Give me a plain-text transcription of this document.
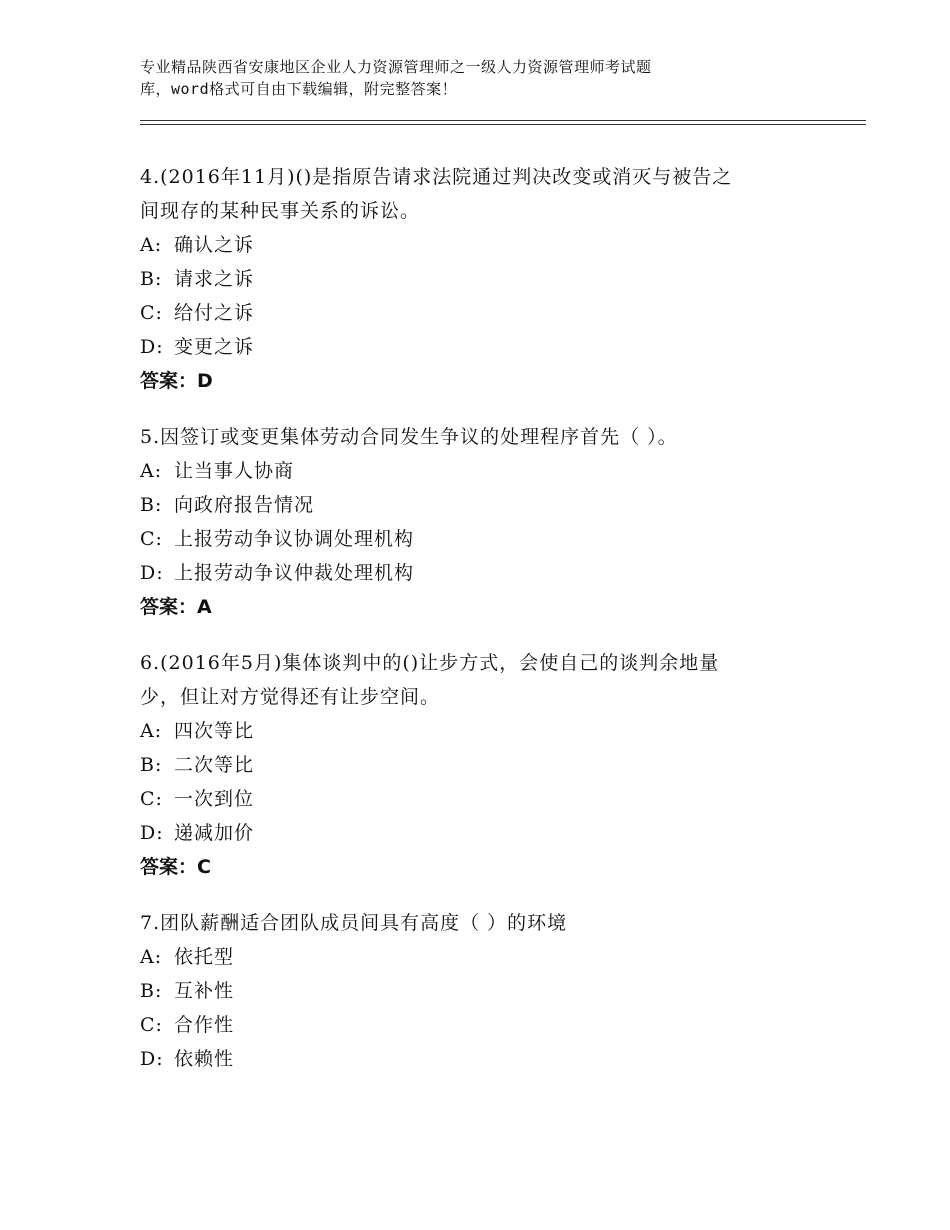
专业精品陕西省安康地区企业人力资源管理师之一级人力资源管理师考试题
库，word格式可自由下载编辑，附完整答案！
4.(2016年11月)()是指原告请求法院通过判决改变或消灭与被告之
间现存的某种民事关系的诉讼。
A: 确认之诉
B: 请求之诉
C: 给付之诉
D: 变更之诉
答案：D
5.因签订或变更集体劳动合同发生争议的处理程序首先（ ）。
A: 让当事人协商
B: 向政府报告情况
C: 上报劳动争议协调处理机构
D: 上报劳动争议仲裁处理机构
答案：A
6.(2016年5月)集体谈判中的()让步方式，会使自己的谈判余地量
少，但让对方觉得还有让步空间。
A: 四次等比
B: 二次等比
C: 一次到位
D: 递减加价
答案：C
7.团队薪酬适合团队成员间具有高度（ ）的环境
A: 依托型
B: 互补性
C: 合作性
D: 依赖性
